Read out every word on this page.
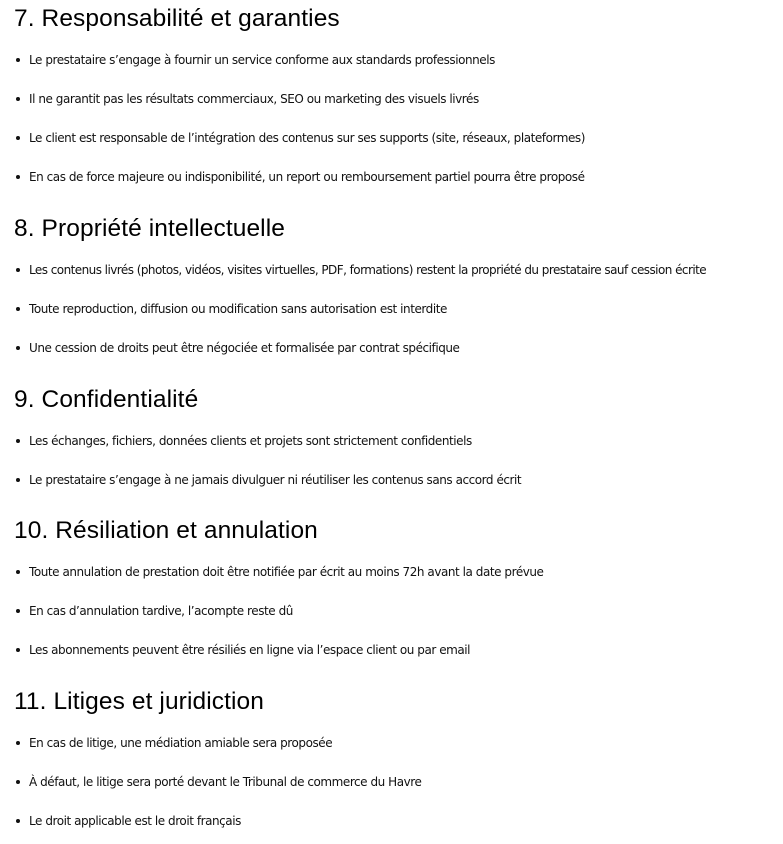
7. Responsabilité et garanties
Le prestataire s’engage à fournir un service conforme aux standards professionnels
Il ne garantit pas les résultats commerciaux, SEO ou marketing des visuels livrés
Le client est responsable de l’intégration des contenus sur ses supports (site, réseaux, plateformes)
En cas de force majeure ou indisponibilité, un report ou remboursement partiel pourra être proposé
8. Propriété intellectuelle
Les contenus livrés (photos, vidéos, visites virtuelles, PDF, formations) restent la propriété du prestataire sauf cession écrite
Toute reproduction, diffusion ou modification sans autorisation est interdite
Une cession de droits peut être négociée et formalisée par contrat spécifique
9. Confidentialité
Les échanges, fichiers, données clients et projets sont strictement confidentiels
Le prestataire s’engage à ne jamais divulguer ni réutiliser les contenus sans accord écrit
10. Résiliation et annulation
Toute annulation de prestation doit être notifiée par écrit au moins 72h avant la date prévue
En cas d’annulation tardive, l’acompte reste dû
Les abonnements peuvent être résiliés en ligne via l’espace client ou par email
11. Litiges et juridiction
En cas de litige, une médiation amiable sera proposée
À défaut, le litige sera porté devant le Tribunal de commerce du Havre
Le droit applicable est le droit français
